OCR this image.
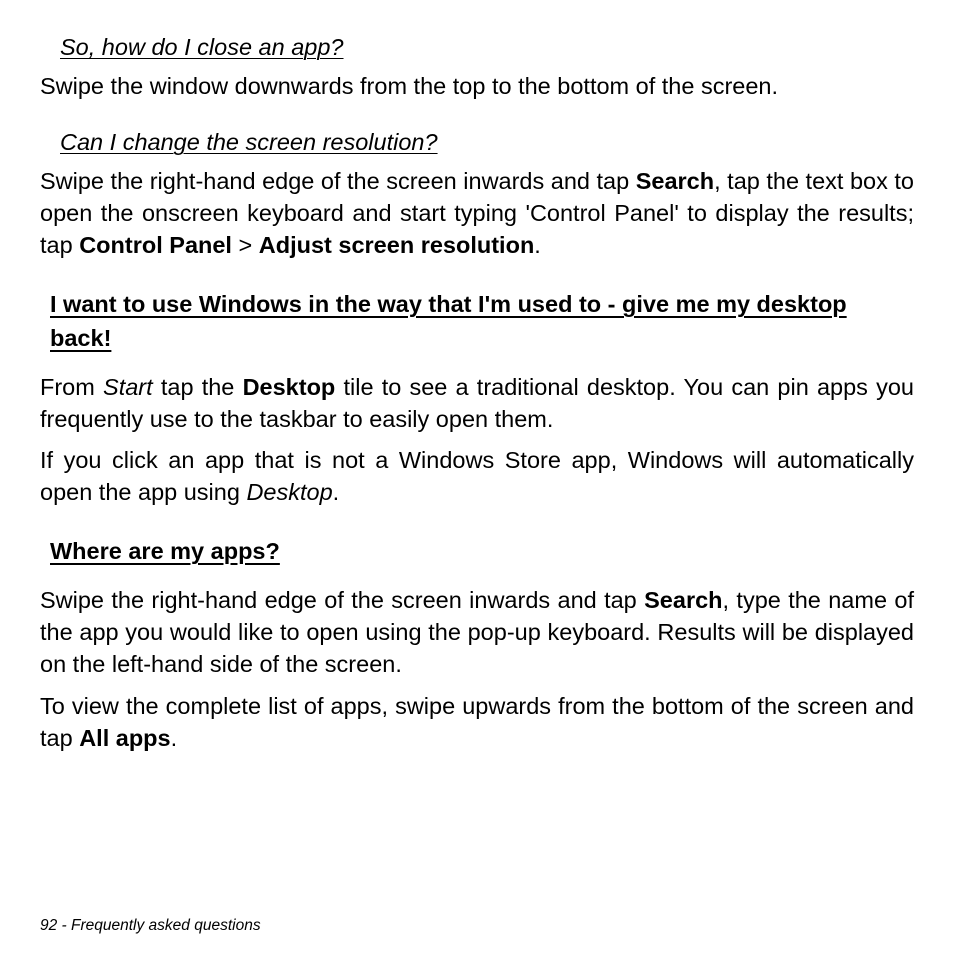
So, how do I close an app?

Swipe the window downwards from the top to the bottom of the screen.

Can I change the screen resolution?

Swipe the right-hand edge of the screen inwards and tap Search, tap the text box to open the onscreen keyboard and start typing 'Control Panel' to display the results; tap Control Panel > Adjust screen resolution.

I want to use Windows in the way that I'm used to - give me my desktop back!

From Start tap the Desktop tile to see a traditional desktop. You can pin apps you frequently use to the taskbar to easily open them.

If you click an app that is not a Windows Store app, Windows will automatically open the app using Desktop.

Where are my apps?

Swipe the right-hand edge of the screen inwards and tap Search, type the name of the app you would like to open using the pop-up keyboard. Results will be displayed on the left-hand side of the screen.

To view the complete list of apps, swipe upwards from the bottom of the screen and tap All apps.

92 - Frequently asked questions
